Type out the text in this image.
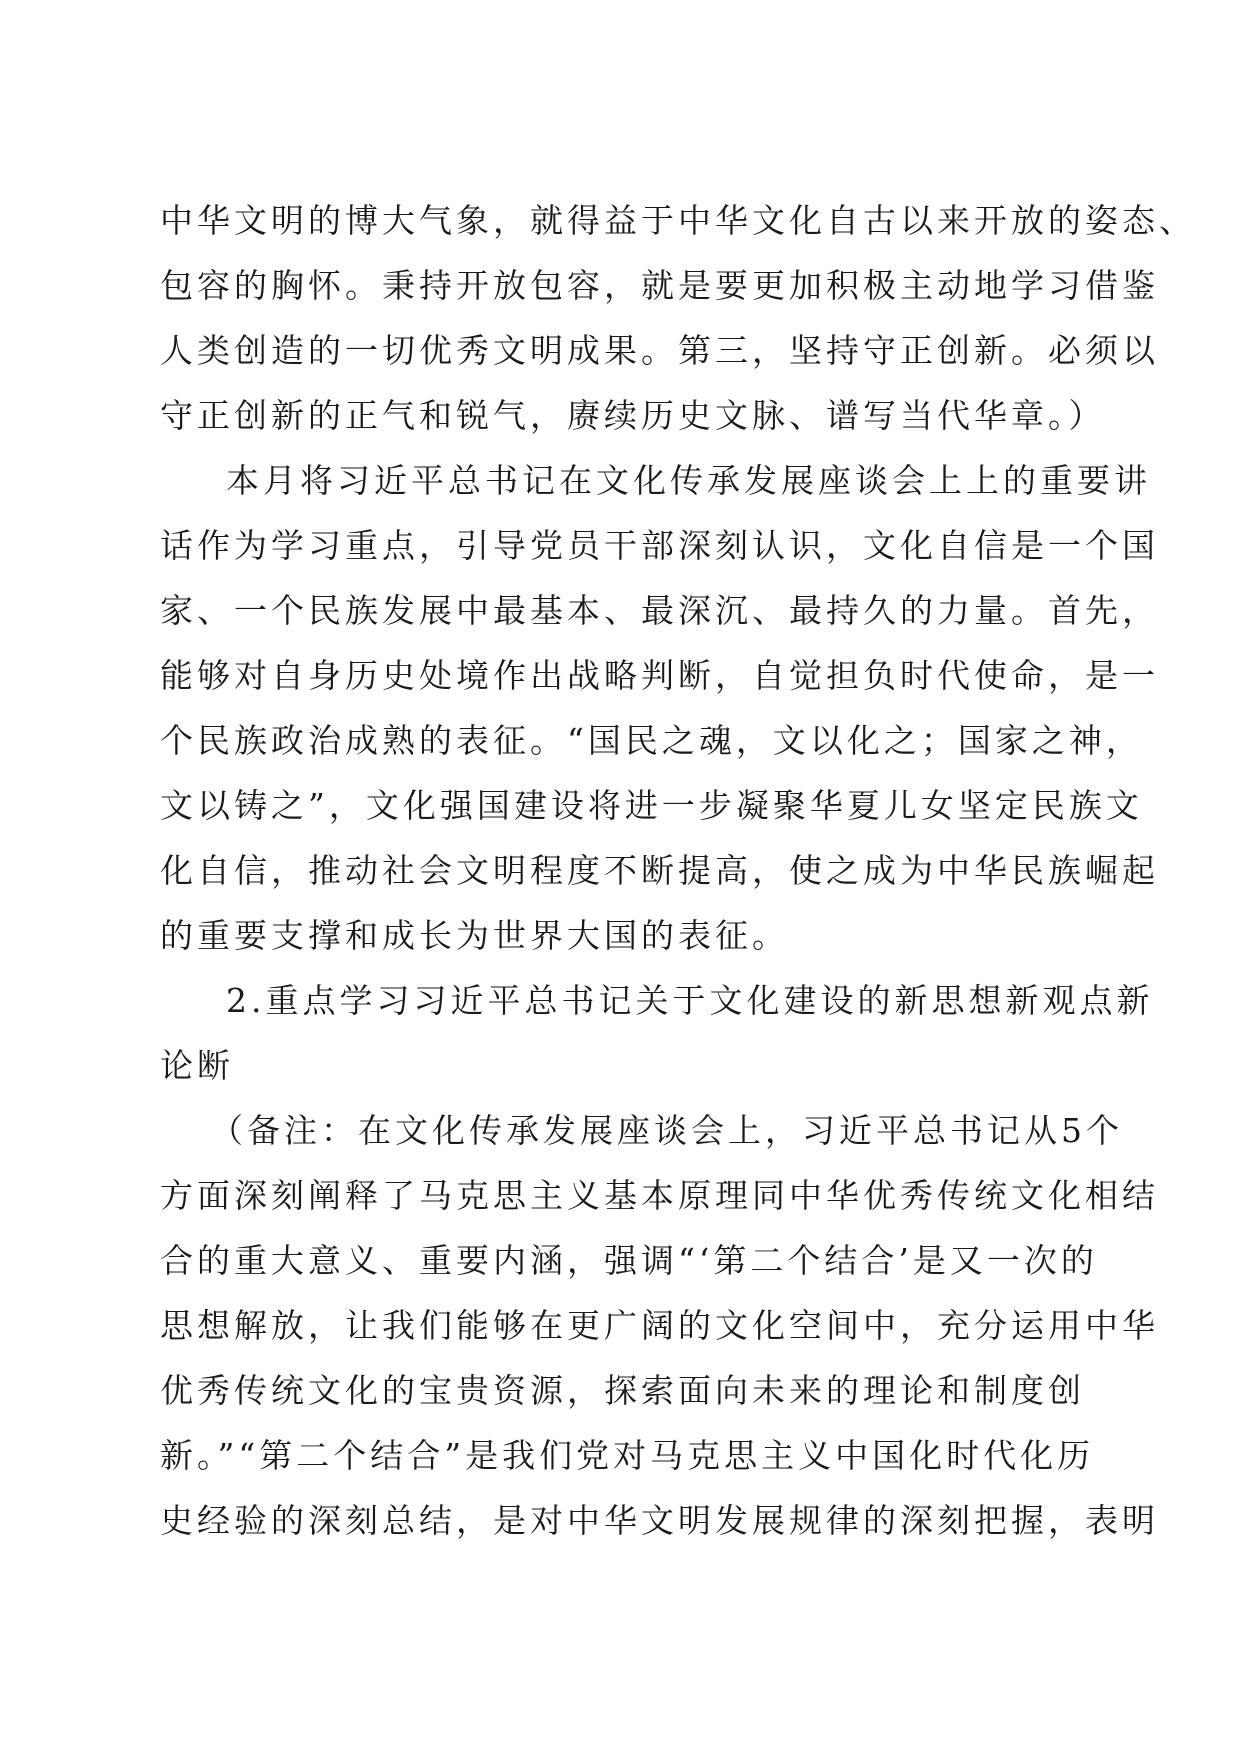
中华文明的博大气象，就得益于中华文化自古以来开放的姿态、
包容的胸怀。秉持开放包容，就是要更加积极主动地学习借鉴
人类创造的一切优秀文明成果。第三，坚持守正创新。必须以
守正创新的正气和锐气，赓续历史文脉、谱写当代华章。）
本月将习近平总书记在文化传承发展座谈会上上的重要讲
话作为学习重点，引导党员干部深刻认识，文化自信是一个国
家、一个民族发展中最基本、最深沉、最持久的力量。首先，
能够对自身历史处境作出战略判断，自觉担负时代使命，是一
个民族政治成熟的表征。“国民之魂，文以化之；国家之神，
文以铸之”，文化强国建设将进一步凝聚华夏儿女坚定民族文
化自信，推动社会文明程度不断提高，使之成为中华民族崛起
的重要支撑和成长为世界大国的表征。
2.重点学习习近平总书记关于文化建设的新思想新观点新
论断
（备注：在文化传承发展座谈会上，习近平总书记从5个
方面深刻阐释了马克思主义基本原理同中华优秀传统文化相结
合的重大意义、重要内涵，强调“‘第二个结合’是又一次的
思想解放，让我们能够在更广阔的文化空间中，充分运用中华
优秀传统文化的宝贵资源，探索面向未来的理论和制度创
新。”“第二个结合”是我们党对马克思主义中国化时代化历
史经验的深刻总结，是对中华文明发展规律的深刻把握，表明
